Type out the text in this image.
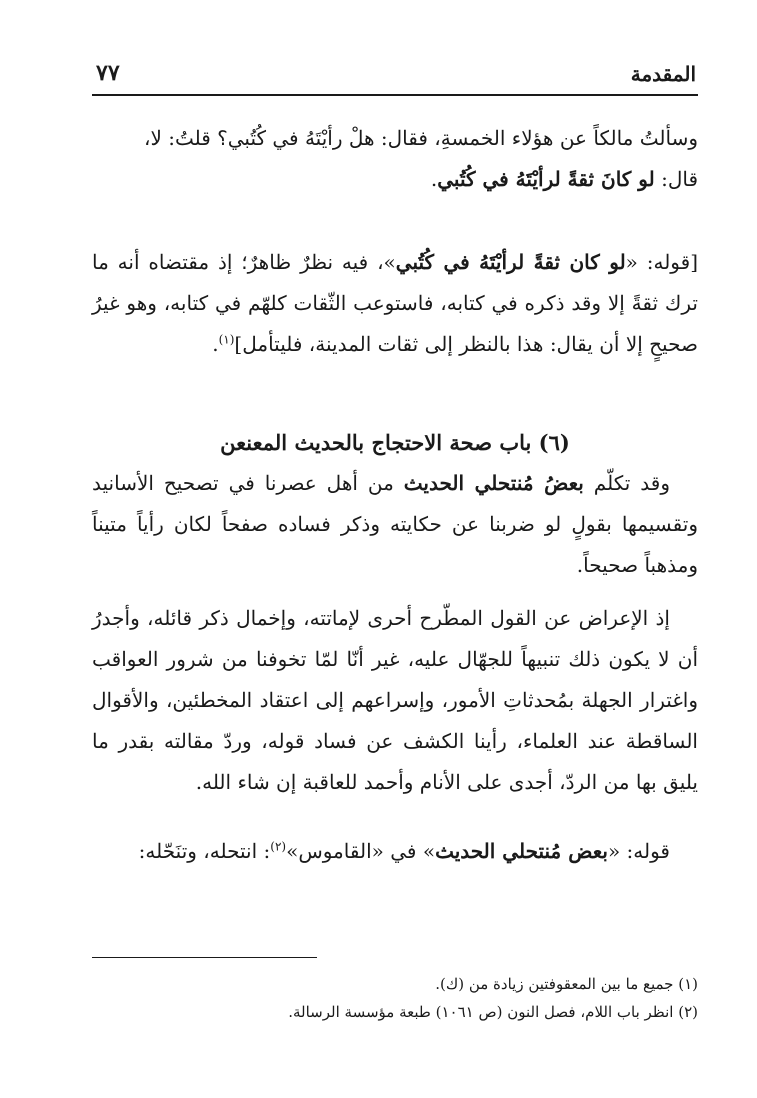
المقدمة
٧٧

وسألتُ مالكاً عن هؤلاء الخمسةِ، فقال: هلْ رأيْتَهُ في كُتُبي؟ قلتُ: لا،
قال: لو كانَ ثقةً لرأيْتَهُ في كُتُبي.

[قوله: «لو كان ثقةً لرأيْتَهُ في كُتُبي»، فيه نظرٌ ظاهرٌ؛ إذ مقتضاه أنه ما ترك ثقةً إلا وقد ذكره في كتابه، فاستوعب الثّقات كلهّم في كتابه، وهو غيرُ صحيحٍ إلا أن يقال: هذا بالنظر إلى ثقات المدينة، فليتأمل]$^{(١)}$.

(٦) باب صحة الاحتجاج بالحديث المعنعن

وقد تكلّم بعضُ مُنتحلي الحديث من أهل عصرنا في تصحيح الأسانيد وتقسيمها بقولٍ لو ضربنا عن حكايته وذكر فساده صفحاً لكان رأياً متيناً ومذهباً صحيحاً.

إذ الإعراض عن القول المطّرح أحرى لإماتته، وإخمال ذكر قائله، وأجدرُ أن لا يكون ذلك تنبيهاً للجهّال عليه، غير أنّا لمّا تخوفنا من شرور العواقب واغترار الجهلة بمُحدثاتِ الأمور، وإسراعهم إلى اعتقاد المخطئين، والأقوال الساقطة عند العلماء، رأينا الكشف عن فساد قوله، وردّ مقالته بقدر ما يليق بها من الردّ، أجدى على الأنام وأحمد للعاقبة إن شاء الله.

قوله: «بعض مُنتحلي الحديث» في «القاموس»$^{(٢)}$: انتحله، وتنَحّله:

(١) جميع ما بين المعقوفتين زيادة من (ك).

(٢) انظر باب اللام، فصل النون (ص ١٠٦١) طبعة مؤسسة الرسالة.
